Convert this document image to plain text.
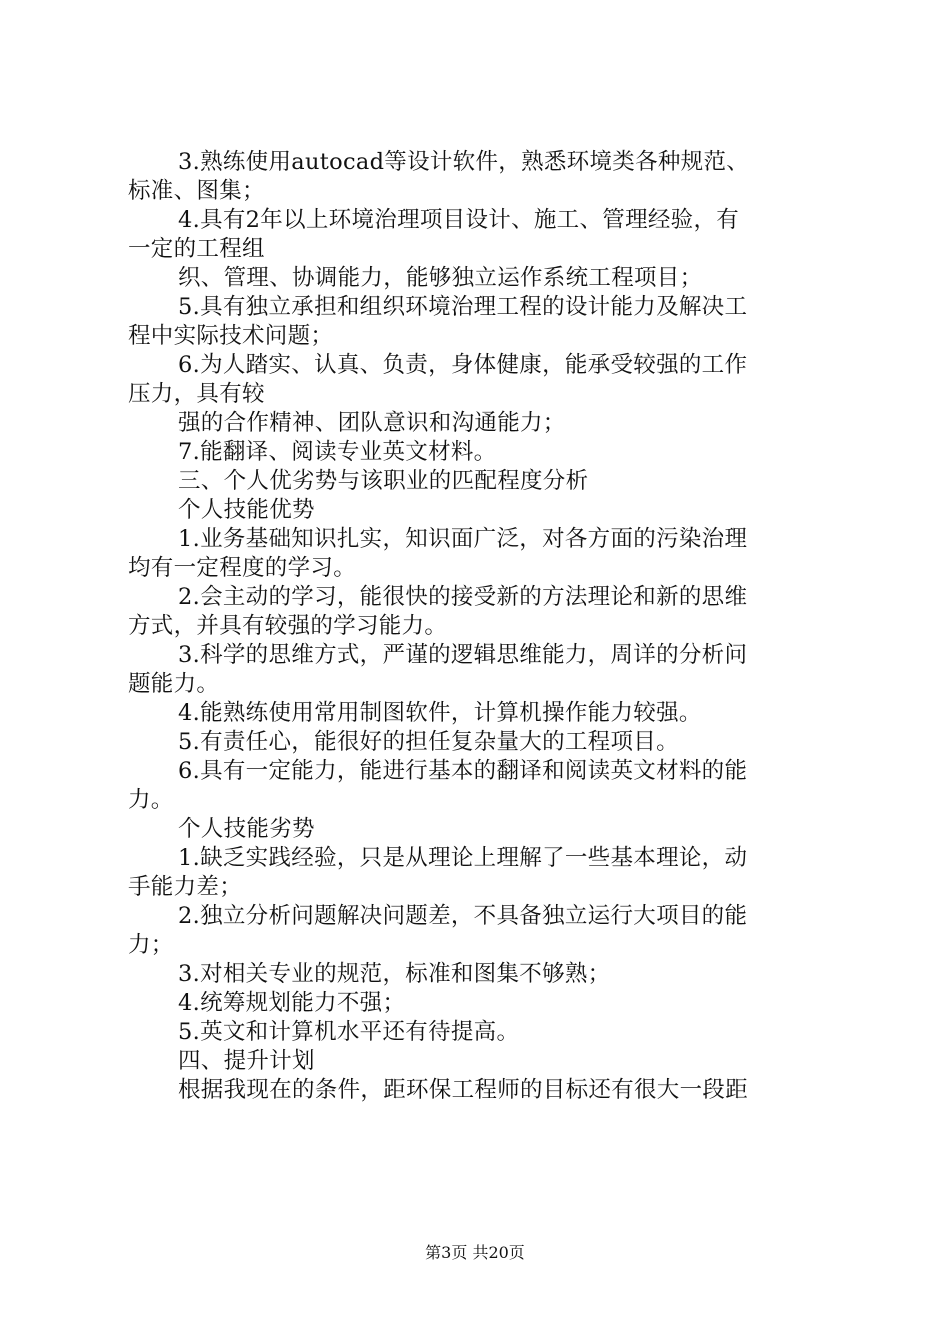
3.熟练使用autocad等设计软件，熟悉环境类各种规范、
标准、图集；
4.具有2年以上环境治理项目设计、施工、管理经验，有
一定的工程组
织、管理、协调能力，能够独立运作系统工程项目；
5.具有独立承担和组织环境治理工程的设计能力及解决工
程中实际技术问题；
6.为人踏实、认真、负责，身体健康，能承受较强的工作
压力，具有较
强的合作精神、团队意识和沟通能力；
7.能翻译、阅读专业英文材料。
三、个人优劣势与该职业的匹配程度分析
个人技能优势
1.业务基础知识扎实，知识面广泛，对各方面的污染治理
均有一定程度的学习。
2.会主动的学习，能很快的接受新的方法理论和新的思维
方式，并具有较强的学习能力。
3.科学的思维方式，严谨的逻辑思维能力，周详的分析问
题能力。
4.能熟练使用常用制图软件，计算机操作能力较强。
5.有责任心，能很好的担任复杂量大的工程项目。
6.具有一定能力，能进行基本的翻译和阅读英文材料的能
力。
个人技能劣势
1.缺乏实践经验，只是从理论上理解了一些基本理论，动
手能力差；
2.独立分析问题解决问题差，不具备独立运行大项目的能
力；
3.对相关专业的规范，标准和图集不够熟；
4.统筹规划能力不强；
5.英文和计算机水平还有待提高。
四、提升计划
根据我现在的条件，距环保工程师的目标还有很大一段距
第3页 共20页
